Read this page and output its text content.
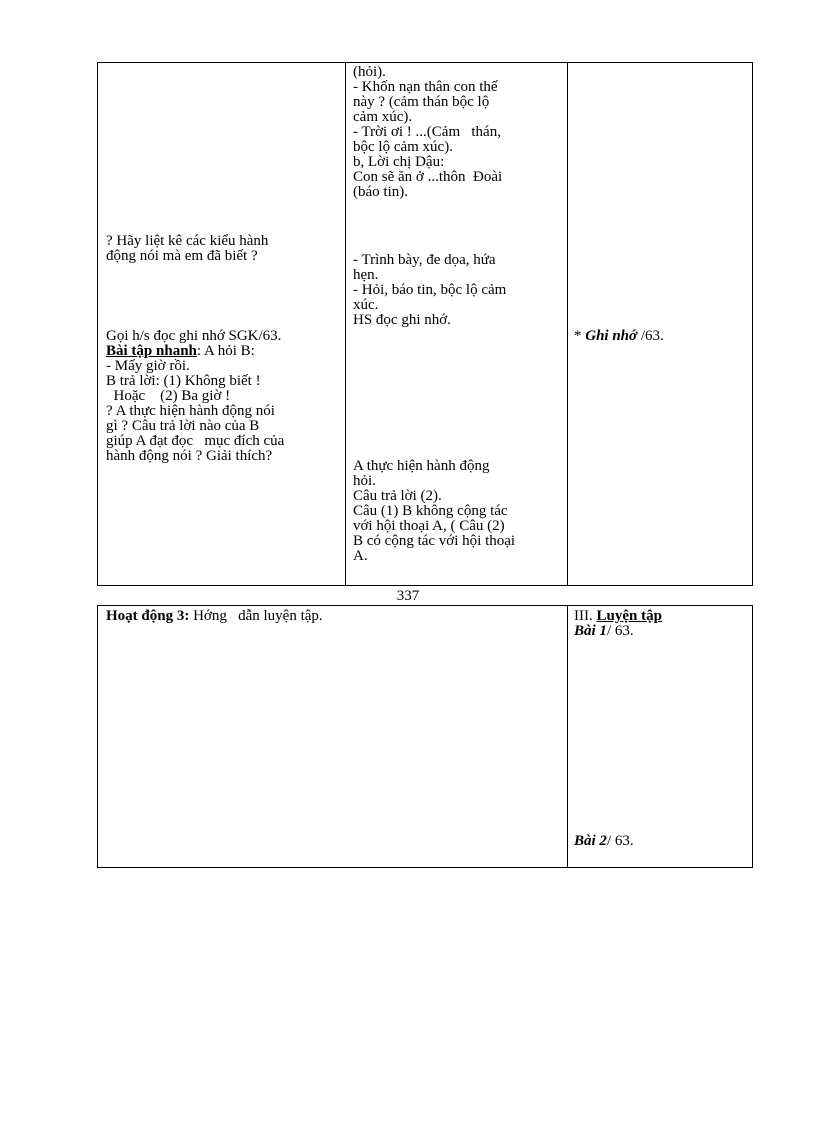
? Hãy liệt kê các kiểu hành
động nói mà em đã biết ?
Gọi h/s đọc ghi nhớ SGK/63.
Bài tập nhanh: A hỏi B:
- Mấy giờ rồi.
B trả lời: (1) Không biết !
Hoặc    (2) Ba giờ !
? A thực hiện hành động nói
gì ? Câu trả lời nào của B
giúp A đạt đọc   mục đích của
hành động nói ? Giải thích?
(hỏi).
- Khốn nạn thân con thế
này ? (cảm thán bộc lộ
cảm xúc).
- Trời ơi ! ...(Cảm   thán,
bộc lộ cảm xúc).
b, Lời chị Dậu:
Con sẽ ăn ở ...thôn  Đoài
(báo tin).
- Trình bày, đe dọa, hứa
hẹn.
- Hỏi, báo tin, bộc lộ cảm
xúc.
HS đọc ghi nhớ.
A thực hiện hành động
hỏi.
Câu trả lời (2).
Câu (1) B không cộng tác
với hội thoại A, ( Câu (2)
B có cộng tác với hội thoại
A.
* Ghi nhớ /63.
337
Hoạt động 3: Hớng   dẫn luyện tập.	III. Luyện tập
Bài 1/ 63.
Bài 2/ 63.
